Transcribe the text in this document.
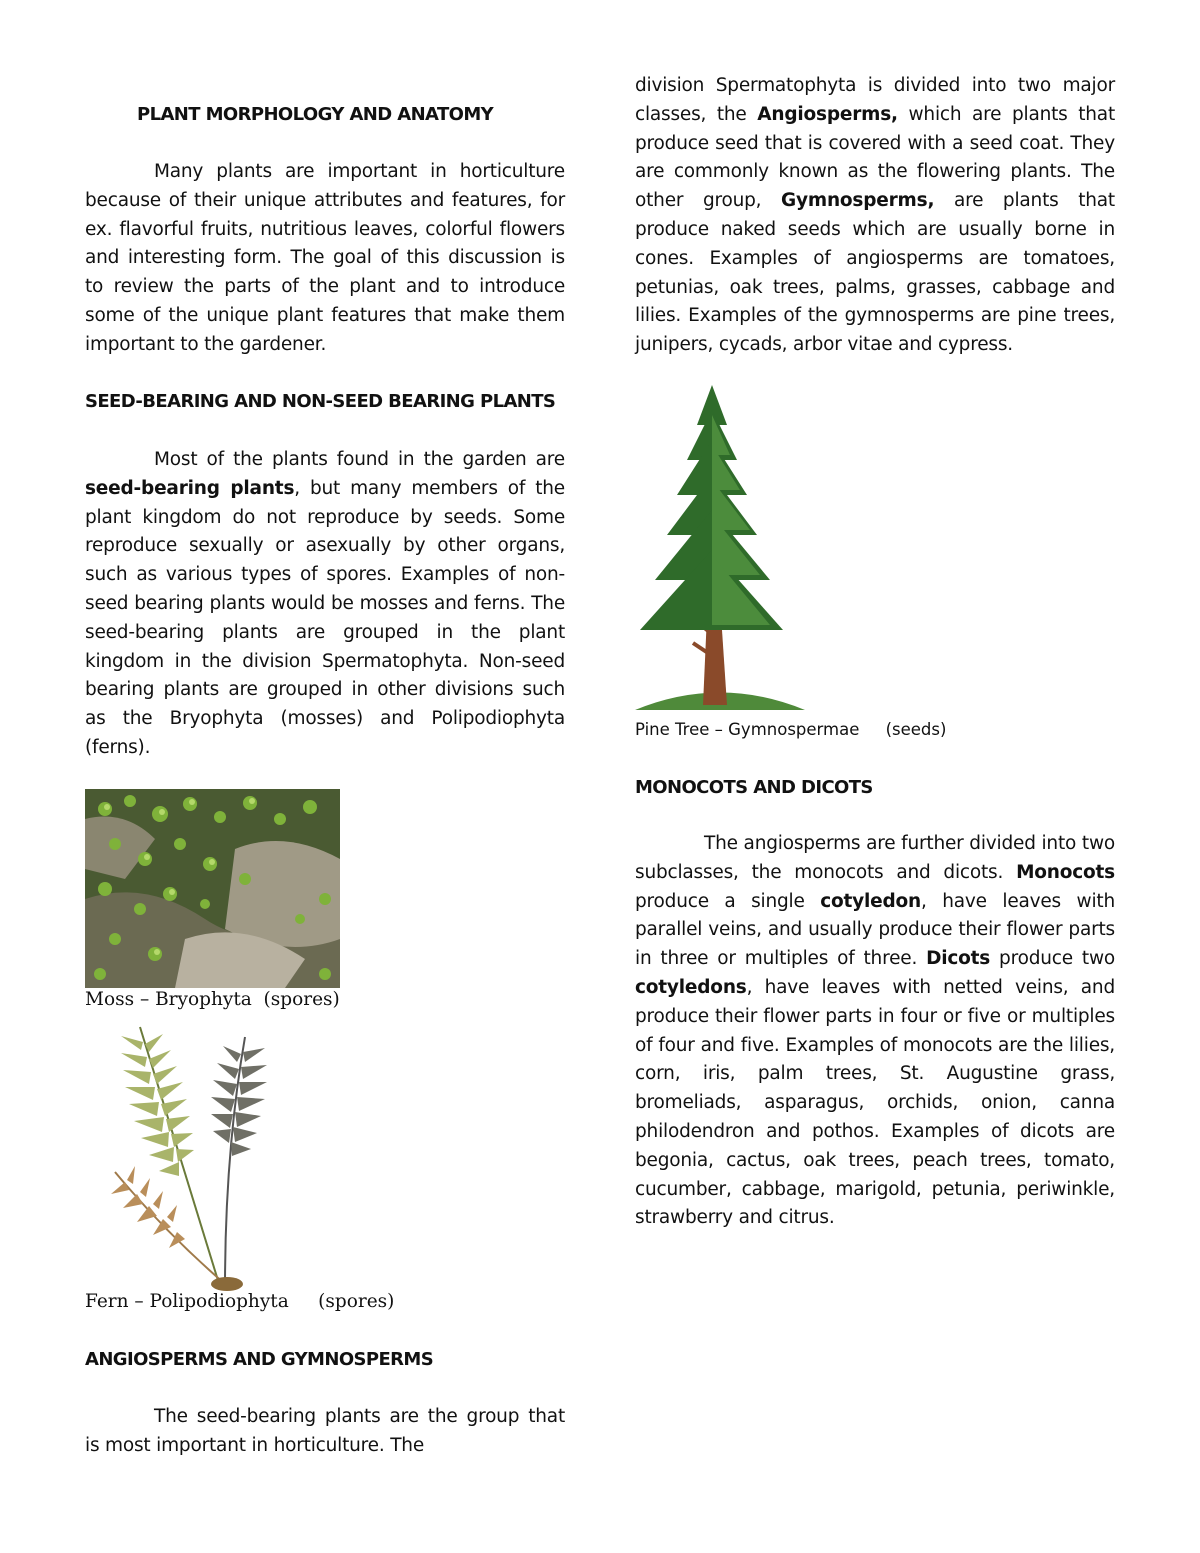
PLANT MORPHOLOGY AND ANATOMY

Many plants are important in horticulture because of their unique attributes and features, for ex. flavorful fruits, nutritious leaves, colorful flowers and interesting form. The goal of this discussion is to review the parts of the plant and to introduce some of the unique plant features that make them important to the gardener.

SEED-BEARING AND NON-SEED BEARING PLANTS

Most of the plants found in the garden are seed-bearing plants, but many members of the plant kingdom do not reproduce by seeds. Some reproduce sexually or asexually by other organs, such as various types of spores. Examples of non-seed bearing plants would be mosses and ferns. The seed-bearing plants are grouped in the plant kingdom in the division Spermatophyta. Non-seed bearing plants are grouped in other divisions such as the Bryophyta (mosses) and Polipodiophyta (ferns).

Moss – Bryophyta  (spores)
Fern – Polipodiophyta     (spores)
ANGIOSPERMS AND GYMNOSPERMS

The seed-bearing plants are the group that is most important in horticulture. The

division Spermatophyta is divided into two major classes, the Angiosperms, which are plants that produce seed that is covered with a seed coat. They are commonly known as the flowering plants. The other group, Gymnosperms, are plants that produce naked seeds which are usually borne in cones. Examples of angiosperms are tomatoes, petunias, oak trees, palms, grasses, cabbage and lilies. Examples of the gymnosperms are pine trees, junipers, cycads, arbor vitae and cypress.

Pine Tree – Gymnospermae     (seeds)
MONOCOTS AND DICOTS

The angiosperms are further divided into two subclasses, the monocots and dicots. Monocots produce a single cotyledon, have leaves with parallel veins, and usually produce their flower parts in three or multiples of three. Dicots produce two cotyledons, have leaves with netted veins, and produce their flower parts in four or five or multiples of four and five. Examples of monocots are the lilies, corn, iris, palm trees, St. Augustine grass, bromeliads, asparagus, orchids, onion, canna philodendron and pothos. Examples of dicots are begonia, cactus, oak trees, peach trees, tomato, cucumber, cabbage, marigold, petunia, periwinkle, strawberry and citrus.
